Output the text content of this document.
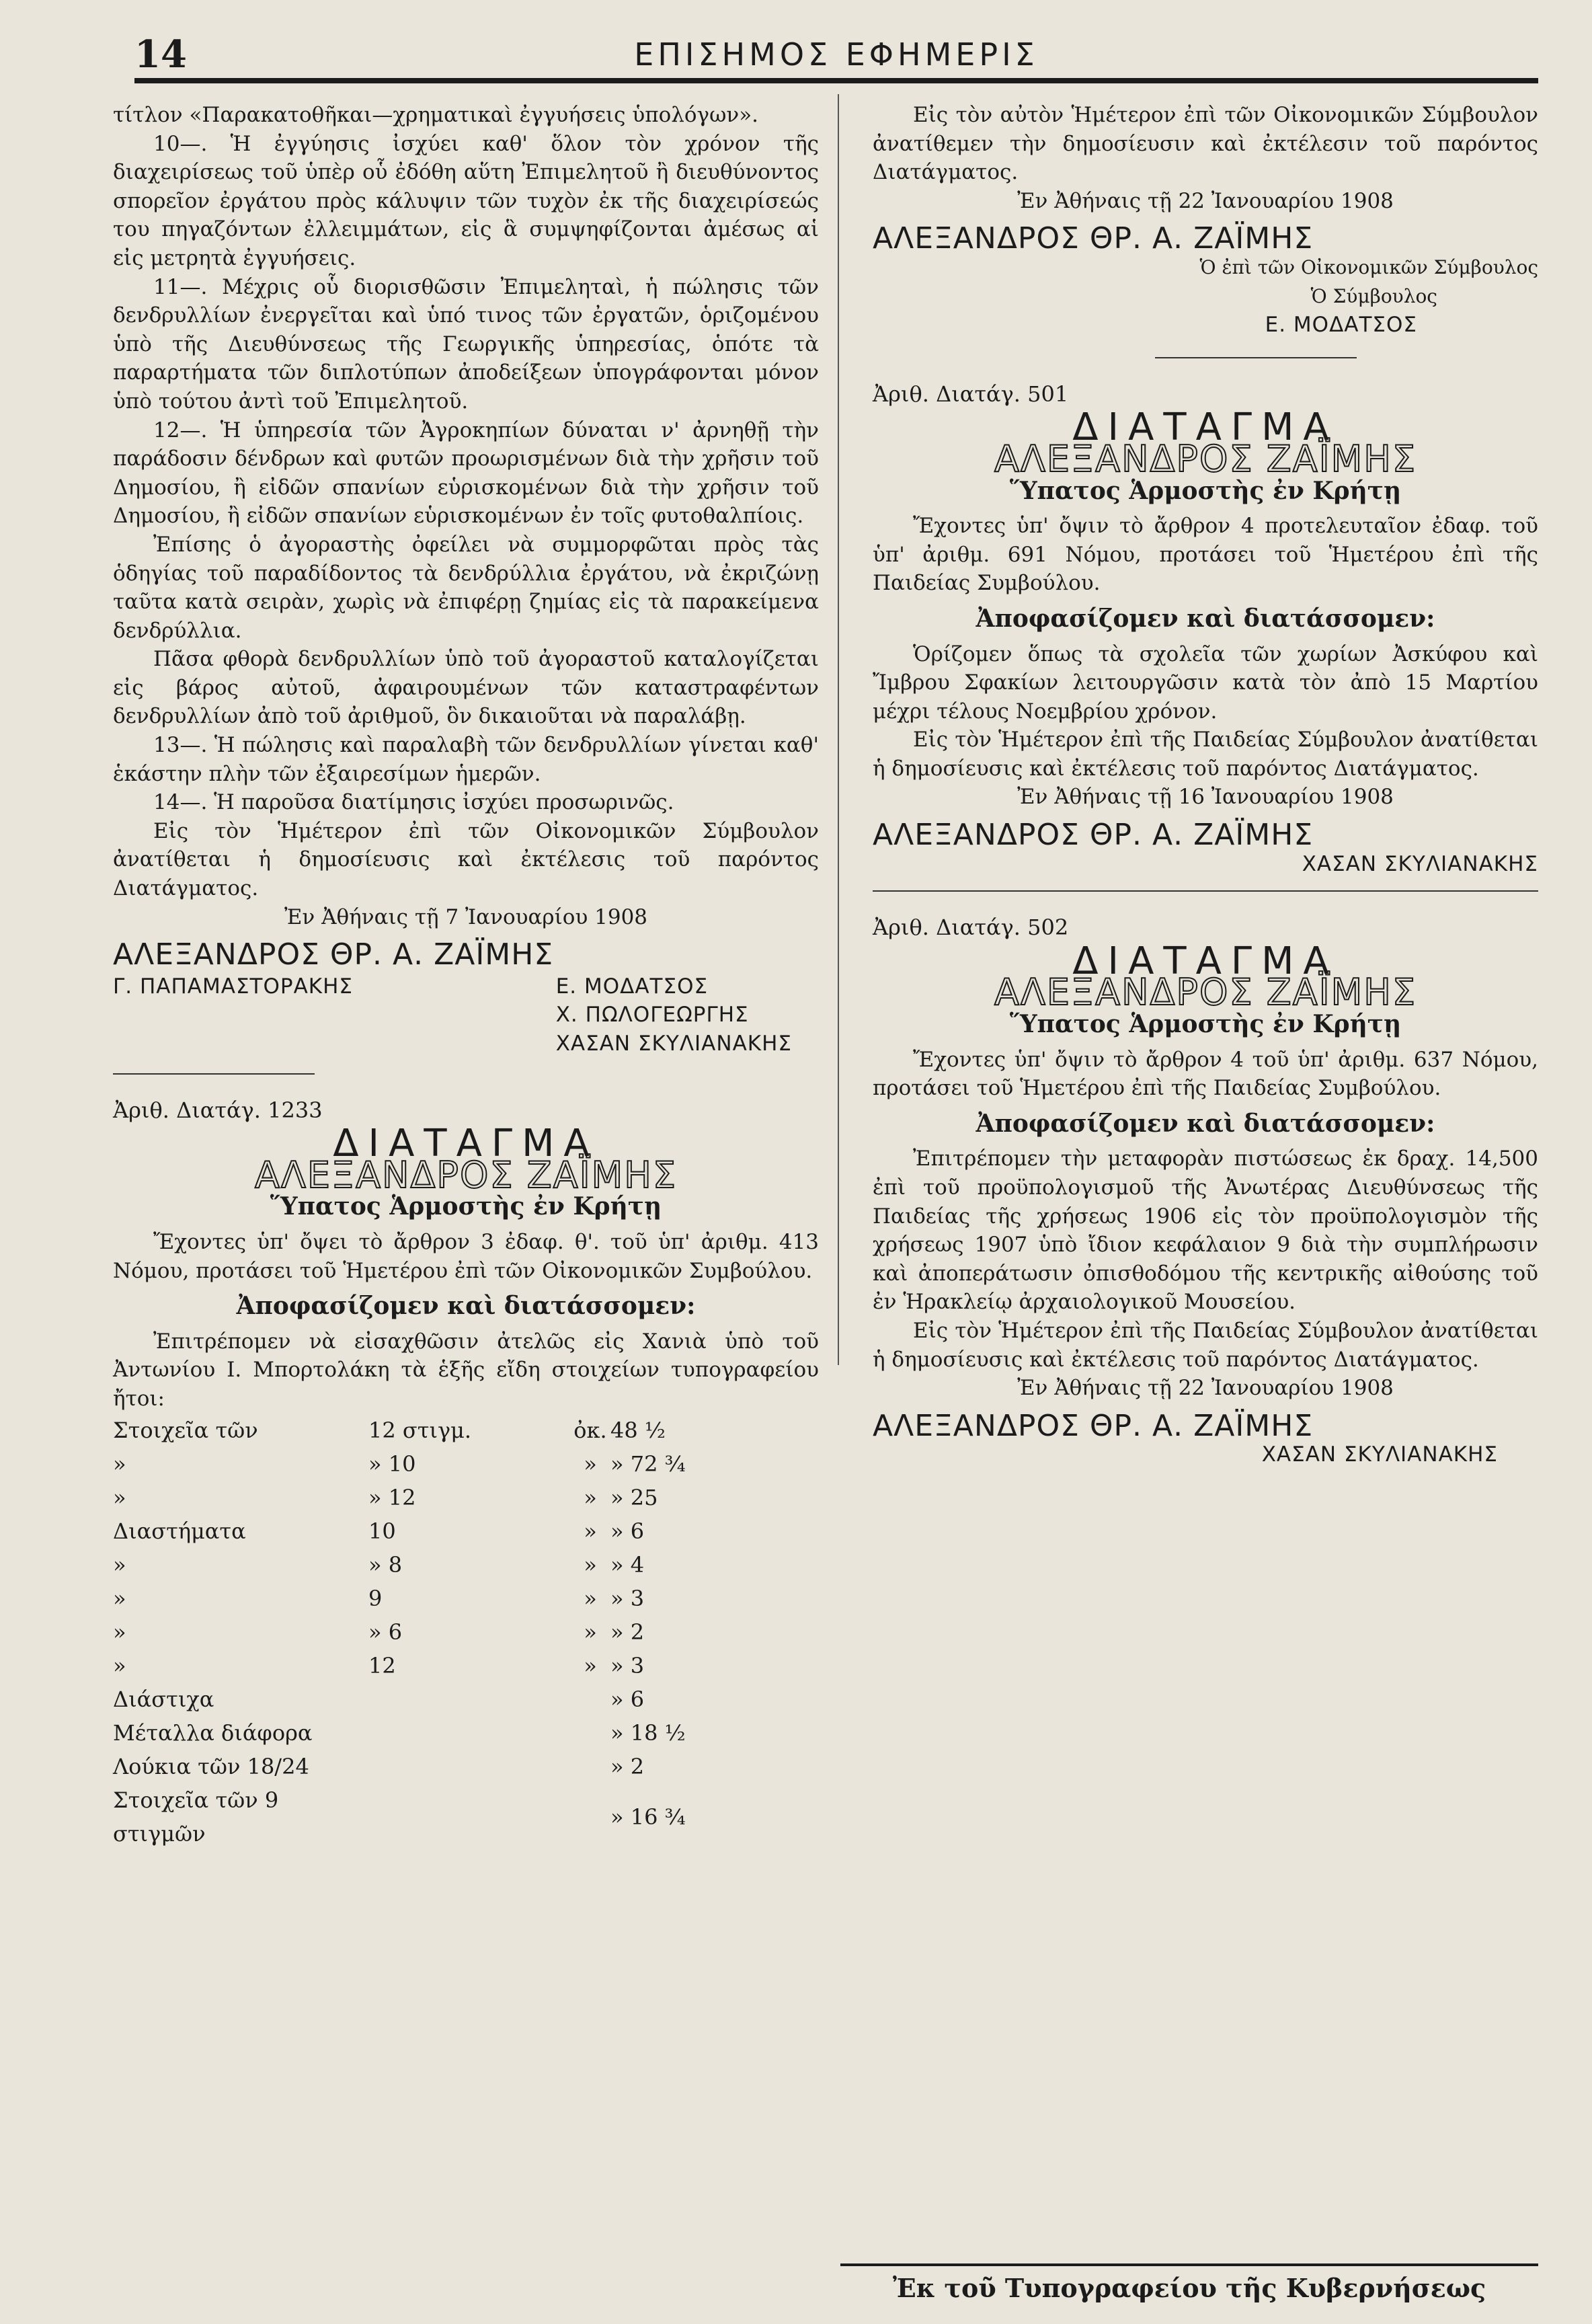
14	ΕΠΙΣΗΜΟΣ ΕΦΗΜΕΡΙΣ

τίτλον «Παρακατοθῆκαι—χρηματικαὶ ἐγγυήσεις ὑπολόγων».

10—. Ἡ ἐγγύησις ἰσχύει καθ' ὅλον τὸν χρόνον τῆς διαχειρίσεως τοῦ ὑπὲρ οὗ ἐδόθη αὕτη Ἐπιμελητοῦ ἢ διευθύνοντος σπορεῖον ἐργάτου πρὸς κάλυψιν τῶν τυχὸν ἐκ τῆς διαχειρίσεώς του πηγαζόντων ἐλλειμμάτων, εἰς ἃ συμψηφίζονται ἀμέσως αἱ εἰς μετρητὰ ἐγγυήσεις.

11—. Μέχρις οὗ διορισθῶσιν Ἐπιμεληταὶ, ἡ πώλησις τῶν δενδρυλλίων ἐνεργεῖται καὶ ὑπό τινος τῶν ἐργατῶν, ὁριζομένου ὑπὸ τῆς Διευθύνσεως τῆς Γεωργικῆς ὑπηρεσίας, ὁπότε τὰ παραρτήματα τῶν διπλοτύπων ἀποδείξεων ὑπογράφονται μόνον ὑπὸ τούτου ἀντὶ τοῦ Ἐπιμελητοῦ.

12—. Ἡ ὑπηρεσία τῶν Ἀγροκηπίων δύναται ν' ἀρνηθῇ τὴν παράδοσιν δένδρων καὶ φυτῶν προωρισμένων διὰ τὴν χρῆσιν τοῦ Δημοσίου, ἢ εἰδῶν σπανίων εὑρισκομένων διὰ τὴν χρῆσιν τοῦ Δημοσίου, ἢ εἰδῶν σπανίων εὑρισκομένων ἐν τοῖς φυτοθαλπίοις.

Ἐπίσης ὁ ἀγοραστὴς ὀφείλει νὰ συμμορφῶται πρὸς τὰς ὁδηγίας τοῦ παραδίδοντος τὰ δενδρύλλια ἐργάτου, νὰ ἐκριζώνῃ ταῦτα κατὰ σειρὰν, χωρὶς νὰ ἐπιφέρῃ ζημίας εἰς τὰ παρακείμενα δενδρύλλια.

Πᾶσα φθορὰ δενδρυλλίων ὑπὸ τοῦ ἀγοραστοῦ καταλογίζεται εἰς βάρος αὐτοῦ, ἀφαιρουμένων τῶν καταστραφέντων δενδρυλλίων ἀπὸ τοῦ ἀριθμοῦ, ὃν δικαιοῦται νὰ παραλάβῃ.

13—. Ἡ πώλησις καὶ παραλαβὴ τῶν δενδρυλλίων γίνεται καθ' ἑκάστην πλὴν τῶν ἐξαιρεσίμων ἡμερῶν.

14—. Ἡ παροῦσα διατίμησις ἰσχύει προσωρινῶς.

Εἰς τὸν Ἡμέτερον ἐπὶ τῶν Οἰκονομικῶν Σύμβουλον ἀνατίθεται ἡ δημοσίευσις καὶ ἐκτέλεσις τοῦ παρόντος Διατάγματος.

Ἐν Ἀθήναις τῇ 7 Ἰανουαρίου 1908

ΑΛΕΞΑΝΔΡΟΣ ΘΡ. Α. ΖΑΪΜΗΣ

Γ. ΠΑΠΑΜΑΣΤΟΡΑΚΗΣ	Ε. ΜΟΔΑΤΣΟΣ

Χ. ΠΩΛΟΓΕΩΡΓΗΣ

ΧΑΣΑΝ ΣΚΥΛΙΑΝΑΚΗΣ

Ἀριθ. Διατάγ. 1233

ΔΙΑΤΑΓΜΑ

ΑΛΕΞΑΝΔΡΟΣ ΖΑΪΜΗΣ

Ὕπατος Ἁρμοστὴς ἐν Κρήτῃ

Ἔχοντες ὑπ' ὄψει τὸ ἄρθρον 3 ἐδαφ. θ'. τοῦ ὑπ' ἀριθμ. 413 Νόμου, προτάσει τοῦ Ἡμετέρου ἐπὶ τῶν Οἰκονομικῶν Συμβούλου.

Ἀποφασίζομεν καὶ διατάσσομεν:

Ἐπιτρέπομεν νὰ εἰσαχθῶσιν ἀτελῶς εἰς Χανιὰ ὑπὸ τοῦ Ἀντωνίου Ι. Μπορτολάκη τὰ ἑξῆς εἴδη στοιχείων τυπογραφείου ἤτοι:

Στοιχεῖα τῶν	12 στιγμ.	ὀκ.	48 ½
»	» 10	»	» 72 ¾
»	» 12	»	» 25
Διαστήματα	10	»	» 6
»	» 8	»	» 4
»	9	»	» 3
»	» 6	»	» 2
»	12	»	» 3
Διάστιχα			» 6
Μέταλλα διάφορα			» 18 ½
Λούκια τῶν 18/24			» 2
Στοιχεῖα τῶν 9 στιγμῶν			» 16 ¾

Εἰς τὸν αὐτὸν Ἡμέτερον ἐπὶ τῶν Οἰκονομικῶν Σύμβουλον ἀνατίθεμεν τὴν δημοσίευσιν καὶ ἐκτέλεσιν τοῦ παρόντος Διατάγματος.

Ἐν Ἀθήναις τῇ 22 Ἰανουαρίου 1908

ΑΛΕΞΑΝΔΡΟΣ ΘΡ. Α. ΖΑΪΜΗΣ

Ὁ ἐπὶ τῶν Οἰκονομικῶν Σύμβουλος

Ὁ Σύμβουλος

Ε. ΜΟΔΑΤΣΟΣ

Ἀριθ. Διατάγ. 501

ΔΙΑΤΑΓΜΑ

ΑΛΕΞΑΝΔΡΟΣ ΖΑΪΜΗΣ

Ὕπατος Ἁρμοστὴς ἐν Κρήτῃ

Ἔχοντες ὑπ' ὄψιν τὸ ἄρθρον 4 προτελευταῖον ἐδαφ. τοῦ ὑπ' ἀριθμ. 691 Νόμου, προτάσει τοῦ Ἡμετέρου ἐπὶ τῆς Παιδείας Συμβούλου.

Ἀποφασίζομεν καὶ διατάσσομεν:

Ὁρίζομεν ὅπως τὰ σχολεῖα τῶν χωρίων Ἀσκύφου καὶ Ἴμβρου Σφακίων λειτουργῶσιν κατὰ τὸν ἀπὸ 15 Μαρτίου μέχρι τέλους Νοεμβρίου χρόνον.

Εἰς τὸν Ἡμέτερον ἐπὶ τῆς Παιδείας Σύμβουλον ἀνατίθεται ἡ δημοσίευσις καὶ ἐκτέλεσις τοῦ παρόντος Διατάγματος.

Ἐν Ἀθήναις τῇ 16 Ἰανουαρίου 1908

ΑΛΕΞΑΝΔΡΟΣ ΘΡ. Α. ΖΑΪΜΗΣ

ΧΑΣΑΝ ΣΚΥΛΙΑΝΑΚΗΣ

Ἀριθ. Διατάγ. 502

ΔΙΑΤΑΓΜΑ

ΑΛΕΞΑΝΔΡΟΣ ΖΑΪΜΗΣ

Ὕπατος Ἁρμοστὴς ἐν Κρήτῃ

Ἔχοντες ὑπ' ὄψιν τὸ ἄρθρον 4 τοῦ ὑπ' ἀριθμ. 637 Νόμου, προτάσει τοῦ Ἡμετέρου ἐπὶ τῆς Παιδείας Συμβούλου.

Ἀποφασίζομεν καὶ διατάσσομεν:

Ἐπιτρέπομεν τὴν μεταφορὰν πιστώσεως ἐκ δραχ. 14,500 ἐπὶ τοῦ προϋπολογισμοῦ τῆς Ἀνωτέρας Διευθύνσεως τῆς Παιδείας τῆς χρήσεως 1906 εἰς τὸν προϋπολογισμὸν τῆς χρήσεως 1907 ὑπὸ ἴδιον κεφάλαιον 9 διὰ τὴν συμπλήρωσιν καὶ ἀποπεράτωσιν ὀπισθοδόμου τῆς κεντρικῆς αἰθούσης τοῦ ἐν Ἡρακλείῳ ἀρχαιολογικοῦ Μουσείου.

Εἰς τὸν Ἡμέτερον ἐπὶ τῆς Παιδείας Σύμβουλον ἀνατίθεται ἡ δημοσίευσις καὶ ἐκτέλεσις τοῦ παρόντος Διατάγματος.

Ἐν Ἀθήναις τῇ 22 Ἰανουαρίου 1908

ΑΛΕΞΑΝΔΡΟΣ ΘΡ. Α. ΖΑΪΜΗΣ

ΧΑΣΑΝ ΣΚΥΛΙΑΝΑΚΗΣ

Ἐκ τοῦ Τυπογραφείου τῆς Κυβερνήσεως
